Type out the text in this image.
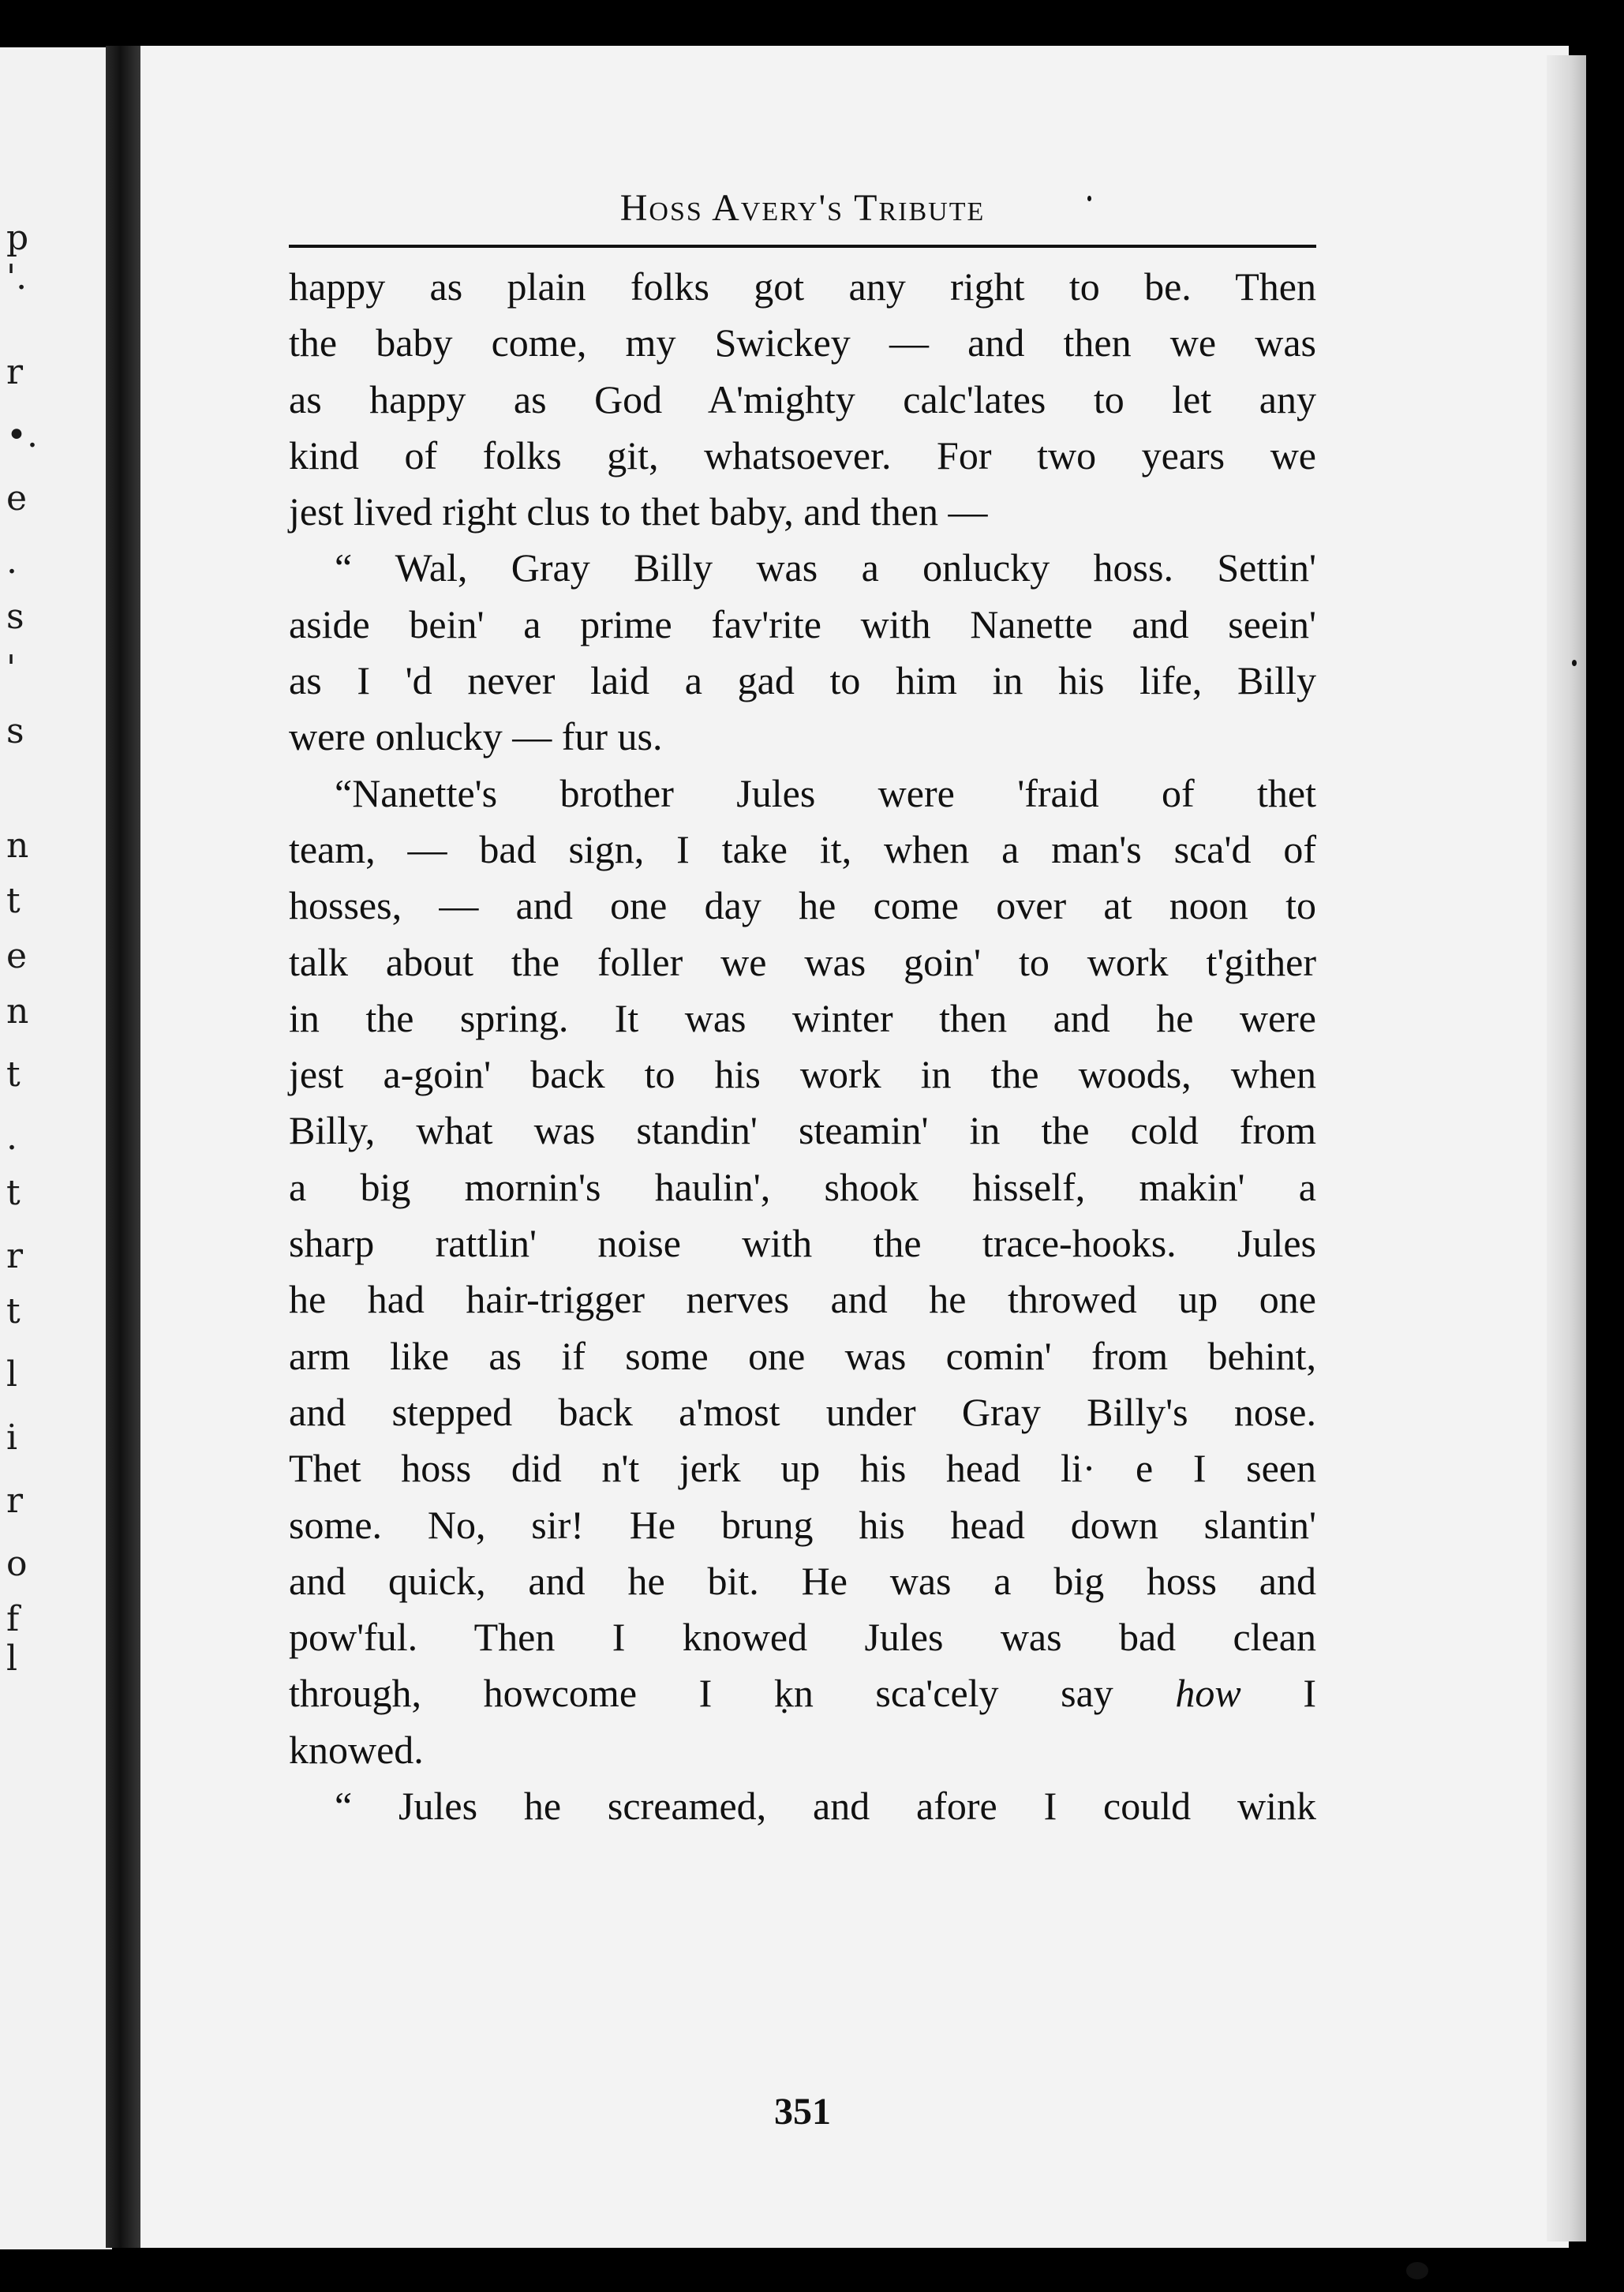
p
'.
r
•.
e
.
s
'
s
n
t
e
n
t
.
t
r
t
l
i
r
o
f
l
Hoss Avery's Tribute
happy as plain folks got any right to be. Then
the baby come, my Swickey — and then we was
as happy as God A'mighty calc'lates to let any
kind of folks git, whatsoever. For two years we
jest lived right clus to thet baby, and then —
“ Wal, Gray Billy was a onlucky hoss. Settin'
aside bein' a prime fav'rite with Nanette and seein'
as I 'd never laid a gad to him in his life, Billy
were onlucky — fur us.
“Nanette's brother Jules were 'fraid of thet
team, — bad sign, I take it, when a man's sca'd of
hosses, — and one day he come over at noon to
talk about the foller we was goin' to work t'gither
in the spring. It was winter then and he were
jest a-goin' back to his work in the woods, when
Billy, what was standin' steamin' in the cold from
a big mornin's haulin', shook hisself, makin' a
sharp rattlin' noise with the trace-hooks. Jules
he had hair-trigger nerves and he throwed up one
arm like as if some one was comin' from behint,
and stepped back a'most under Gray Billy's nose.
Thet hoss did n't jerk up his head li· e I seen
some. No, sir! He brung his head down slantin'
and quick, and he bit. He was a big hoss and
pow'ful. Then I knowed Jules was bad clean
through, howcome I ḳn sca'cely say how I
knowed.
“ Jules he screamed, and afore I could wink
351
